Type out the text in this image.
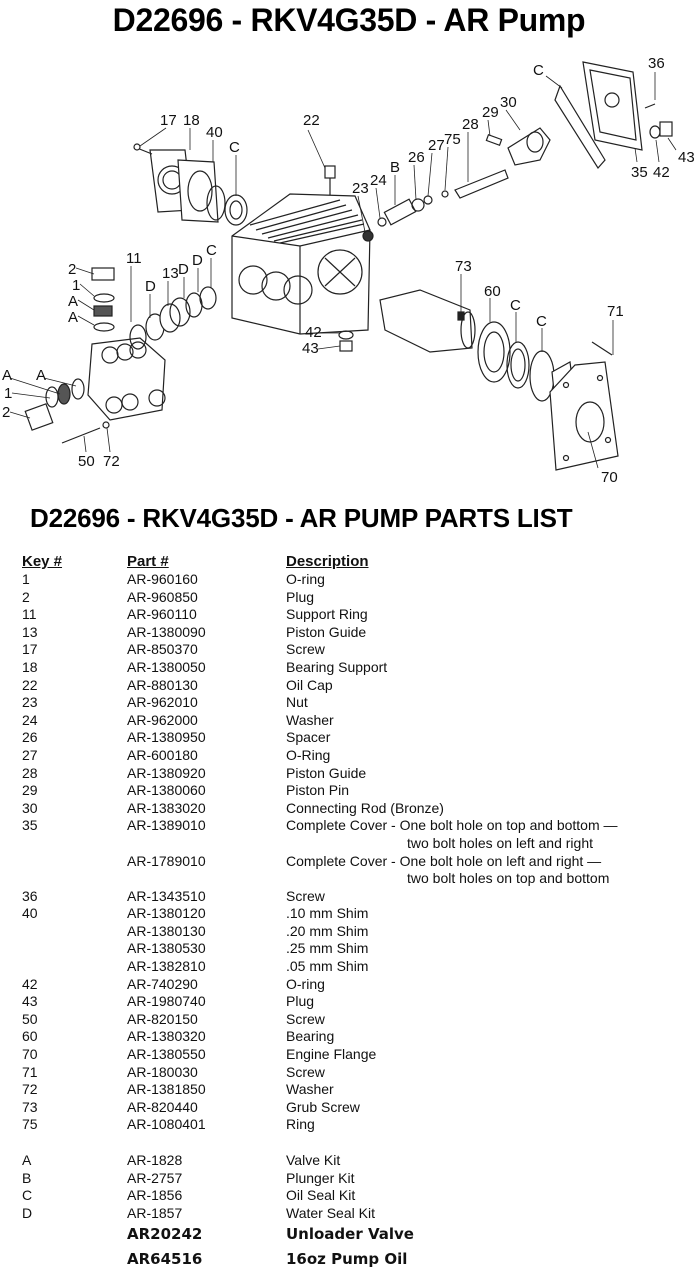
D22696 - RKV4G35D - AR Pump
17 18
40
C
22
C	36
30
29
28
27 75
26
B
24
23
43
35 42
11	C
D
13 D
D
2
1
A
A
73
60
C
C
71
42
43
A A
1
2
50 72
70
D22696 - RKV4G35D - AR PUMP PARTS LIST
Key #	Part #	Description
1	AR-960160	O-ring
2	AR-960850	Plug
11	AR-960110	Support Ring
13	AR-1380090	Piston Guide
17	AR-850370	Screw
18	AR-1380050	Bearing Support
22	AR-880130	Oil Cap
23	AR-962010	Nut
24	AR-962000	Washer
26	AR-1380950	Spacer
27	AR-600180	O-Ring
28	AR-1380920	Piston Guide
29	AR-1380060	Piston Pin
30	AR-1383020	Connecting Rod (Bronze)
35	AR-1389010	Complete Cover - One bolt hole on top and bottom —
two bolt holes on left and right
AR-1789010	Complete Cover - One bolt hole on left and right —
two bolt holes on top and bottom
36	AR-1343510	Screw
40	AR-1380120	.10 mm Shim
AR-1380130	.20 mm Shim
AR-1380530	.25 mm Shim
AR-1382810	.05 mm Shim
42	AR-740290	O-ring
43	AR-1980740	Plug
50	AR-820150	Screw
60	AR-1380320	Bearing
70	AR-1380550	Engine Flange
71	AR-180030	Screw
72	AR-1381850	Washer
73	AR-820440	Grub Screw
75	AR-1080401	Ring
A	AR-1828	Valve Kit
B	AR-2757	Plunger Kit
C	AR-1856	Oil Seal Kit
D	AR-1857	Water Seal Kit
AR20242	Unloader Valve
AR64516	16oz Pump Oil
